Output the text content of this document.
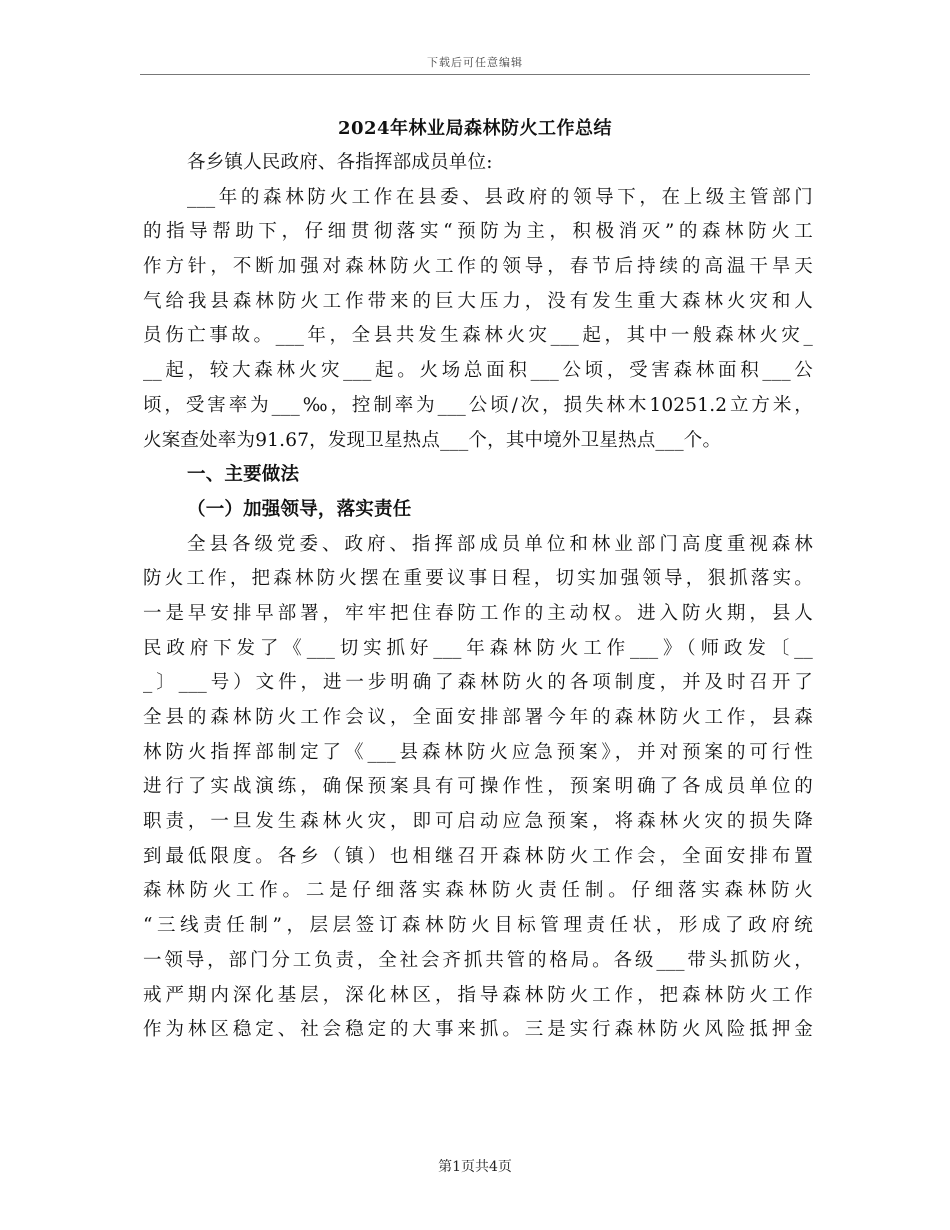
下载后可任意编辑
2024年林业局森林防火工作总结
各乡镇人民政府、各指挥部成员单位:
___年的森林防火工作在县委、县政府的领导下，在上级主管部门
的指导帮助下，仔细贯彻落实“预防为主，积极消灭”的森林防火工
作方针，不断加强对森林防火工作的领导，春节后持续的高温干旱天
气给我县森林防火工作带来的巨大压力，没有发生重大森林火灾和人
员伤亡事故。___年，全县共发生森林火灾___起，其中一般森林火灾_
__起，较大森林火灾___起。火场总面积___公顷，受害森林面积___公
顷，受害率为___‰，控制率为___公顷/次，损失林木10251.2立方米，
火案查处率为91.67，发现卫星热点___个，其中境外卫星热点___个。
一、主要做法
（一）加强领导，落实责任
全县各级党委、政府、指挥部成员单位和林业部门高度重视森林
防火工作，把森林防火摆在重要议事日程，切实加强领导，狠抓落实。
一是早安排早部署，牢牢把住春防工作的主动权。进入防火期，县人
民政府下发了《___切实抓好___年森林防火工作___》（师政发〔__
_〕___号）文件，进一步明确了森林防火的各项制度，并及时召开了
全县的森林防火工作会议，全面安排部署今年的森林防火工作，县森
林防火指挥部制定了《___县森林防火应急预案》，并对预案的可行性
进行了实战演练，确保预案具有可操作性，预案明确了各成员单位的
职责，一旦发生森林火灾，即可启动应急预案，将森林火灾的损失降
到最低限度。各乡（镇）也相继召开森林防火工作会，全面安排布置
森林防火工作。二是仔细落实森林防火责任制。仔细落实森林防火
“三线责任制”，层层签订森林防火目标管理责任状，形成了政府统
一领导，部门分工负责，全社会齐抓共管的格局。各级___带头抓防火，
戒严期内深化基层，深化林区，指导森林防火工作，把森林防火工作
作为林区稳定、社会稳定的大事来抓。三是实行森林防火风险抵押金
第1页共4页
